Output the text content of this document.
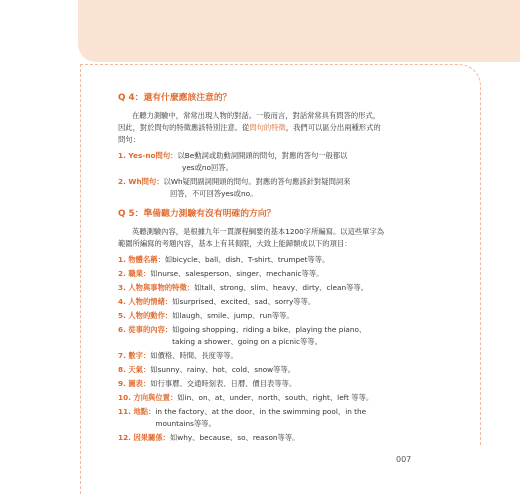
Q 4：還有什麼應該注意的？

在聽力測驗中，常常出現人物的對話。一般而言，對話常常具有問答的形式，因此，對於問句的特徵應該特別注意。從問句的特徵，我們可以區分出兩種形式的問句：

1. Yes-no問句：以Be動詞或助動詞開頭的問句，對應的答句一般都以
yes或no回答。
2. Wh問句：以Wh疑問副詞開頭的問句。對應的答句應該針對疑問詞來
回答，不可回答yes或no。
Q 5：準備聽力測驗有沒有明確的方向？

英聽測驗內容，是根據九年一貫課程綱要的基本1200字所編寫。以這些單字為範圍所編寫的考題內容，基本上有其侷限，大致上能歸類成以下的項目：

1. 物體名稱： 如bicycle、ball、dish、T-shirt、trumpet等等。
2. 職業： 如nurse、salesperson、singer、mechanic等等。
3. 人物與事物的特徵： 如tall、strong、slim、heavy、dirty、clean等等。
4. 人物的情緒： 如surprised、excited、sad、sorry等等。
5. 人物的動作： 如laugh、smile、jump、run等等。
6. 從事的內容： 如going shopping、riding a bike、playing the piano、taking a shower、going on a picnic等等。
7. 數字： 如價格、時間、長度等等。
8. 天氣： 如sunny、rainy、hot、cold、snow等等。
9. 圖表： 如行事曆、交通時刻表、日曆、價目表等等。
10. 方向與位置： 如in、on、at、under、north、south、right、left 等等。
11. 地點： in the factory、at the door、in the swimming pool、in the mountains等等。
12. 因果關係： 如why、because、so、reason等等。
007
